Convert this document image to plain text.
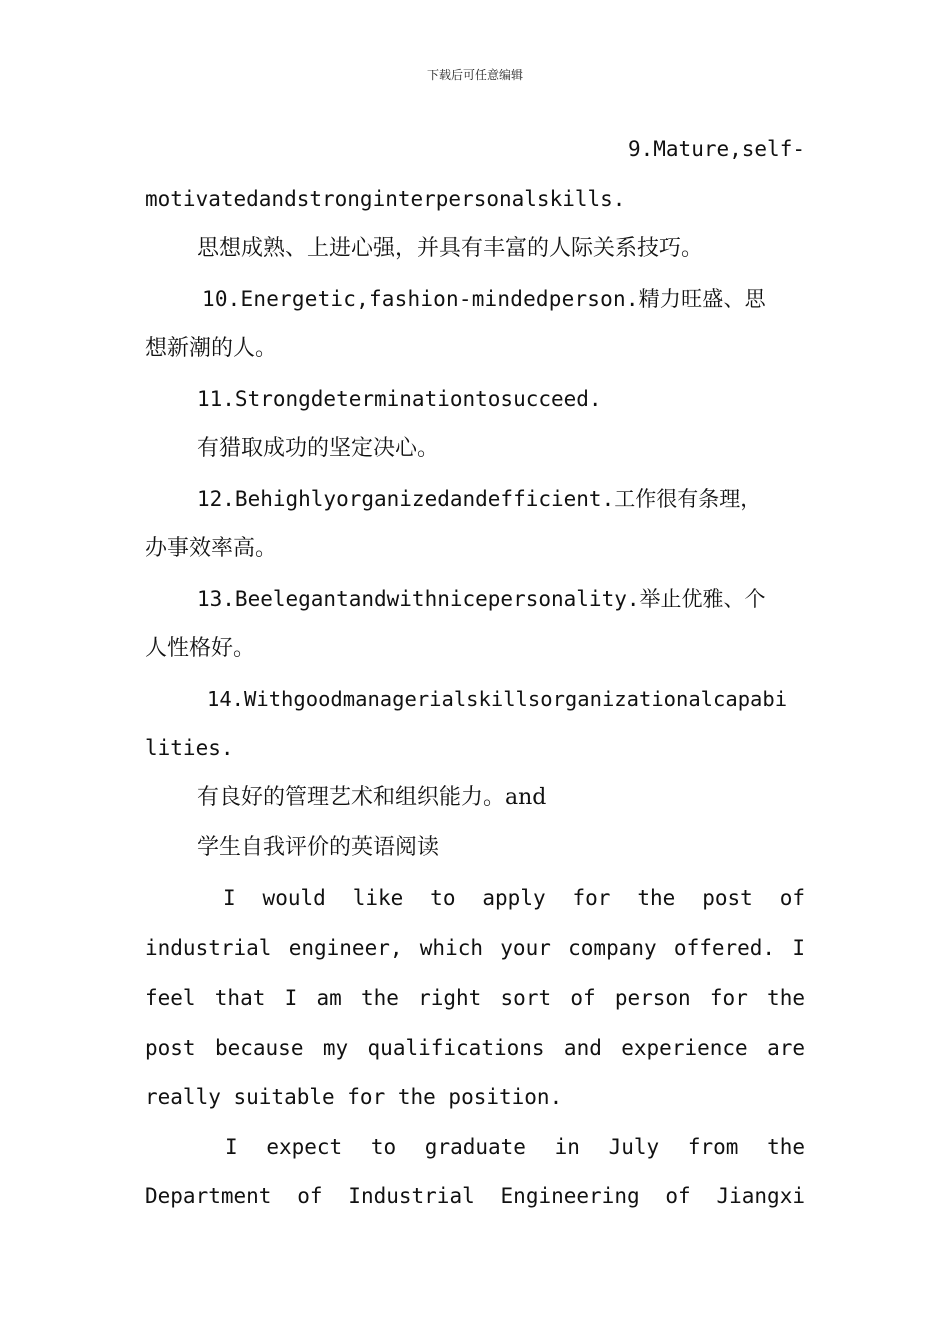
下载后可任意编辑
9.Mature,self-
motivatedandstronginterpersonalskills.
思想成熟、上进心强，并具有丰富的人际关系技巧。
10.Energetic,fashion-mindedperson.精力旺盛、思
想新潮的人。
11.Strongdeterminationtosucceed.
有猎取成功的坚定决心。
12.Behighlyorganizedandefficient.工作很有条理，
办事效率高。
13.Beelegantandwithnicepersonality.举止优雅、个
人性格好。
14.Withgoodmanagerialskillsorganizationalcapabi
lities.
有良好的管理艺术和组织能力。and
学生自我评价的英语阅读
I would like to apply for the post of
industrial engineer, which your company offered. I
feel that I am the right sort of person for the
post because my qualifications and experience are
really suitable for the position.
I expect to graduate in July from the
Department of Industrial Engineering of Jiangxi
